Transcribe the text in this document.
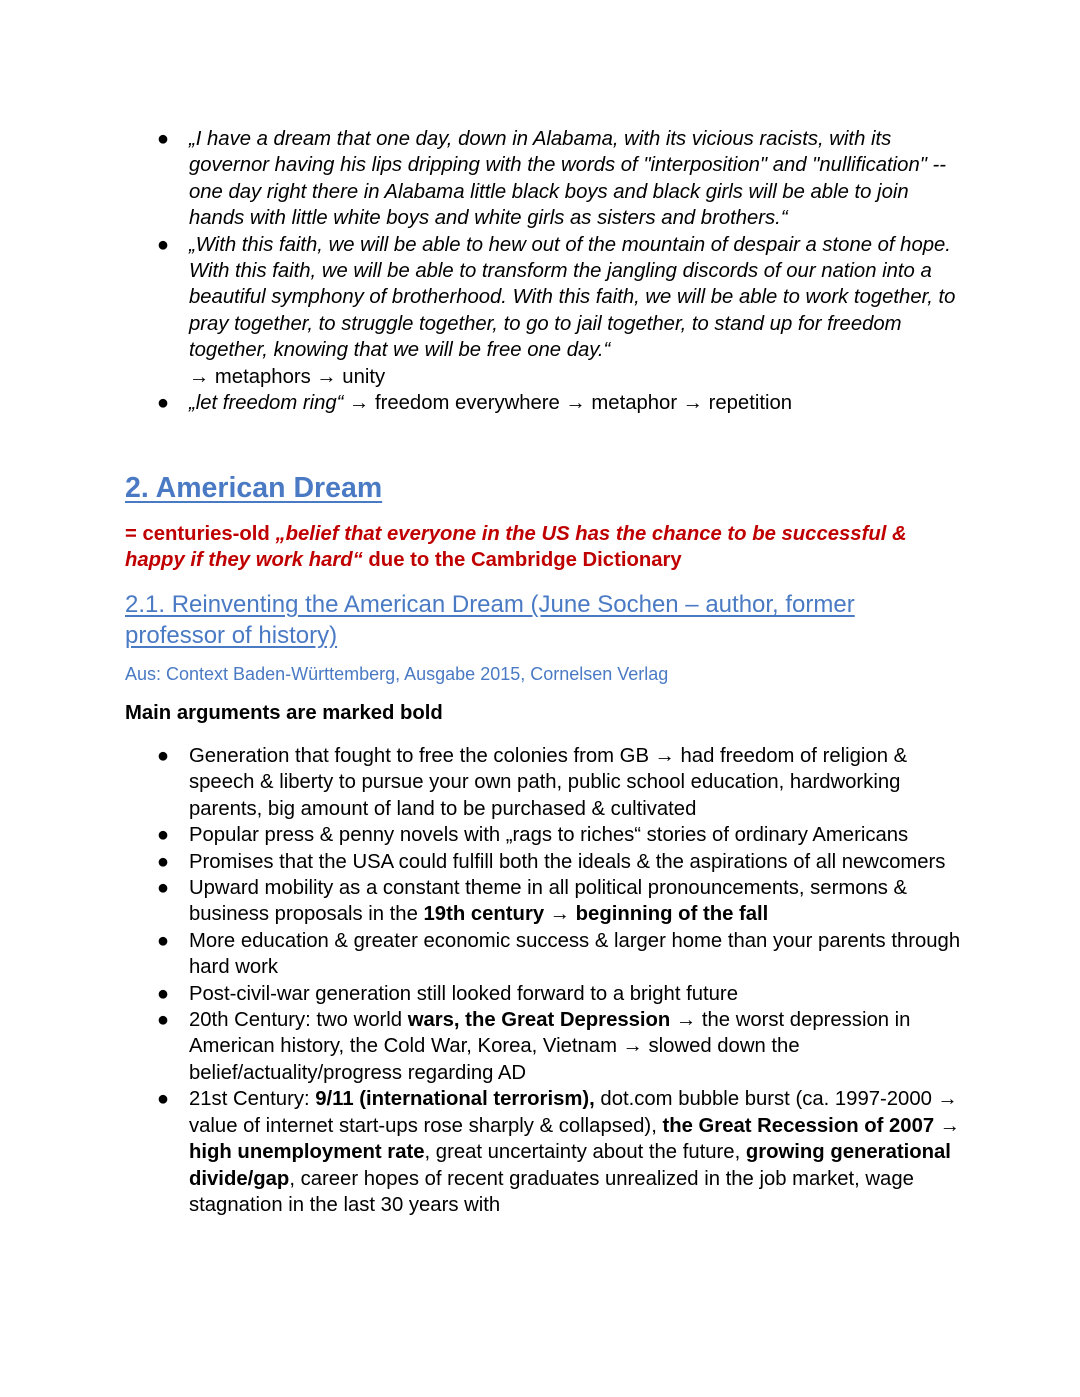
● „I have a dream that one day, down in Alabama, with its vicious racists, with its governor having his lips dripping with the words of "interposition" and "nullification" -- one day right there in Alabama little black boys and black girls will be able to join hands with little white boys and white girls as sisters and brothers.“
● „With this faith, we will be able to hew out of the mountain of despair a stone of hope. With this faith, we will be able to transform the jangling discords of our nation into a beautiful symphony of brotherhood. With this faith, we will be able to work together, to pray together, to struggle together, to go to jail together, to stand up for freedom together, knowing that we will be free one day.“
→ metaphors → unity
● „let freedom ring“ → freedom everywhere → metaphor → repetition
2. American Dream

= centuries-old „belief that everyone in the US has the chance to be successful & happy if they work hard“ due to the Cambridge Dictionary

2.1. Reinventing the American Dream (June Sochen – author, former professor of history)

Aus: Context Baden-Württemberg, Ausgabe 2015, Cornelsen Verlag

Main arguments are marked bold

● Generation that fought to free the colonies from GB → had freedom of religion & speech & liberty to pursue your own path, public school education, hardworking parents, big amount of land to be purchased & cultivated
● Popular press & penny novels with „rags to riches“ stories of ordinary Americans
● Promises that the USA could fulfill both the ideals & the aspirations of all newcomers
● Upward mobility as a constant theme in all political pronouncements, sermons & business proposals in the 19th century → beginning of the fall
● More education & greater economic success & larger home than your parents through hard work
● Post-civil-war generation still looked forward to a bright future
● 20th Century: two world wars, the Great Depression → the worst depression in American history, the Cold War, Korea, Vietnam → slowed down the belief/actuality/progress regarding AD
● 21st Century: 9/11 (international terrorism), dot.com bubble burst (ca. 1997-2000 → value of internet start-ups rose sharply & collapsed), the Great Recession of 2007 → high unemployment rate, great uncertainty about the future, growing generational divide/gap, career hopes of recent graduates unrealized in the job market, wage stagnation in the last 30 years with
